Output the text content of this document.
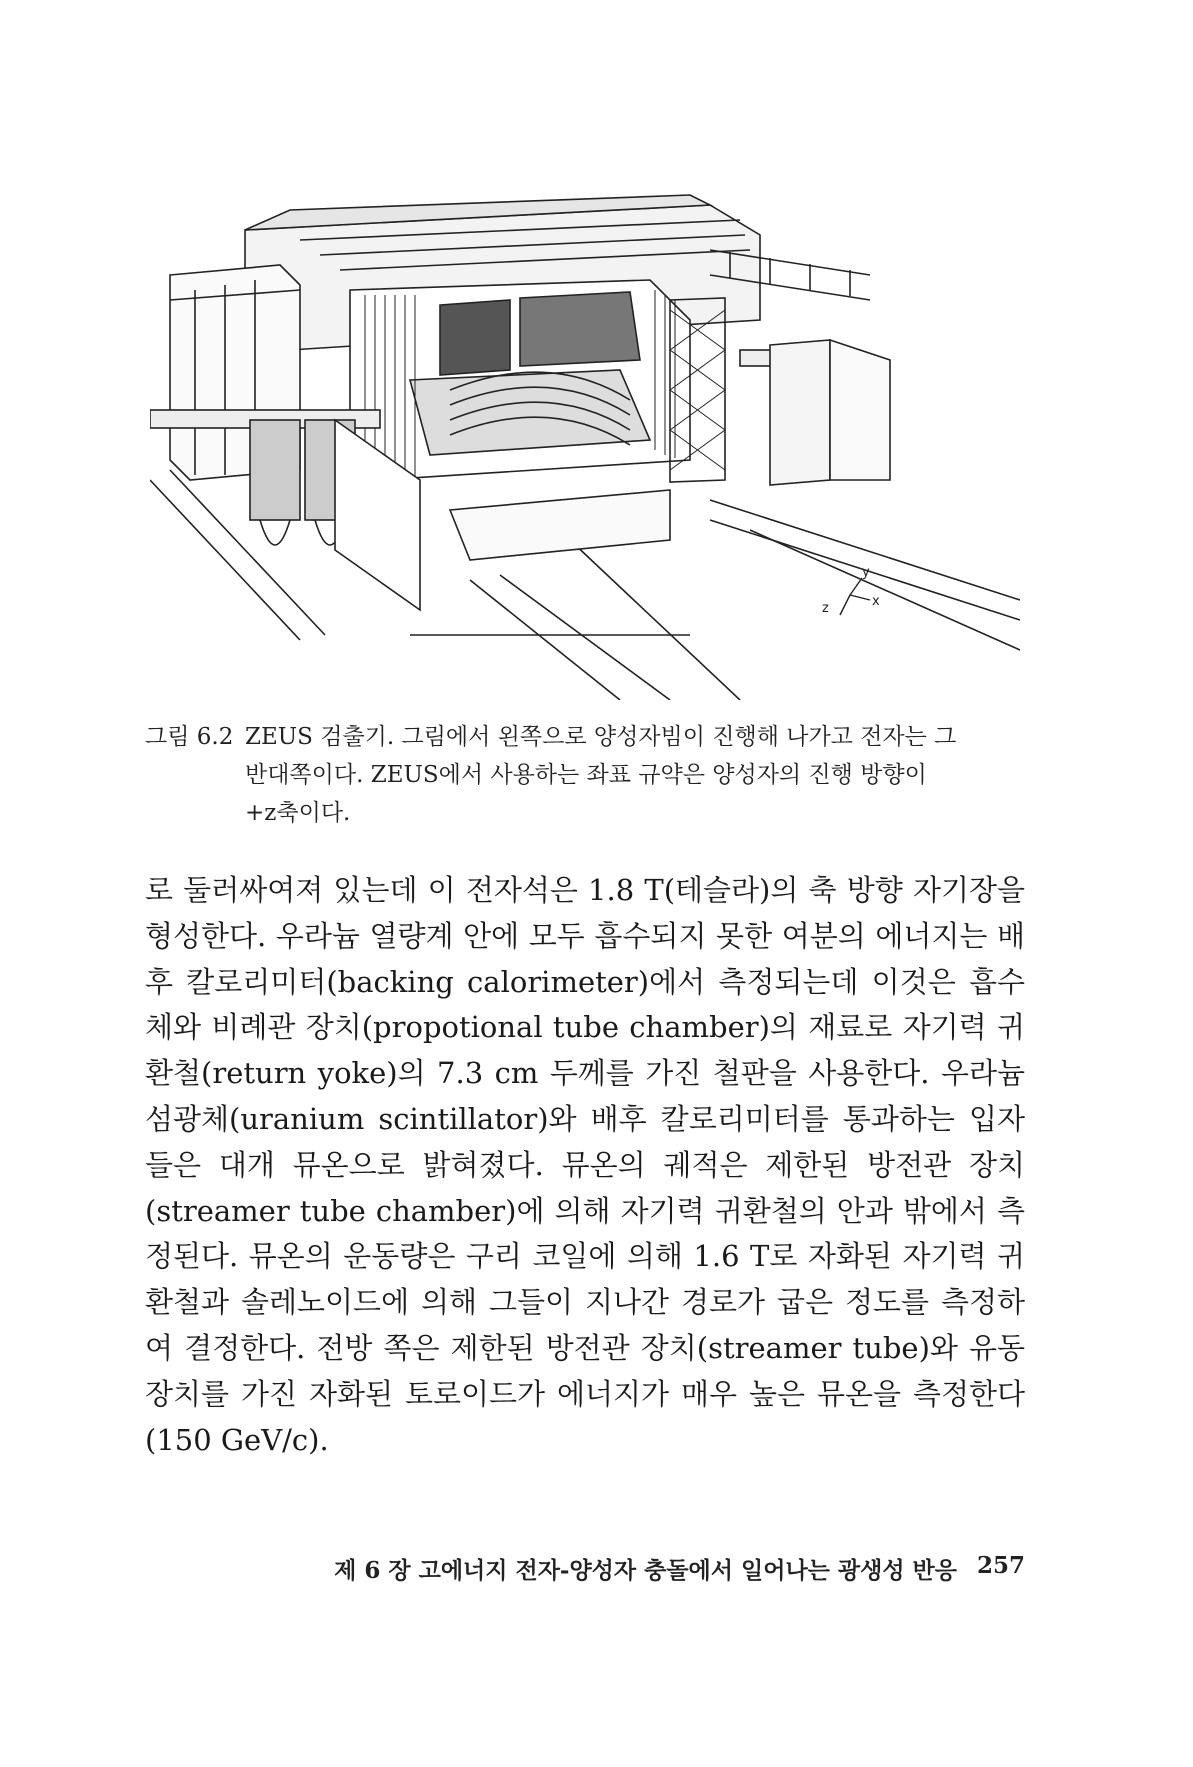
z	x
y
그림 6.2 ZEUS 검출기. 그림에서 왼쪽으로 양성자빔이 진행해 나가고 전자는 그

반대쪽이다. ZEUS에서 사용하는 좌표 규약은 양성자의 진행 방향이

+z축이다.

로 둘러싸여져 있는데 이 전자석은 1.8 T(테슬라)의 축 방향 자기장을 형성한다. 우라늄 열량계 안에 모두 흡수되지 못한 여분의 에너지는 배후 칼로리미터(backing calorimeter)에서 측정되는데 이것은 흡수체와 비례관 장치(propotional tube chamber)의 재료로 자기력 귀환철(return yoke)의 7.3 cm 두께를 가진 철판을 사용한다. 우라늄 섬광체(uranium scintillator)와 배후 칼로리미터를 통과하는 입자들은 대개 뮤온으로 밝혀졌다. 뮤온의 궤적은 제한된 방전관 장치(streamer tube chamber)에 의해 자기력 귀환철의 안과 밖에서 측정된다. 뮤온의 운동량은 구리 코일에 의해 1.6 T로 자화된 자기력 귀환철과 솔레노이드에 의해 그들이 지나간 경로가 굽은 정도를 측정하여 결정한다. 전방 쪽은 제한된 방전관 장치(streamer tube)와 유동 장치를 가진 자화된 토로이드가 에너지가 매우 높은 뮤온을 측정한다(150 GeV/c).

제 6 장 고에너지 전자-양성자 충돌에서 일어나는 광생성 반응 257
